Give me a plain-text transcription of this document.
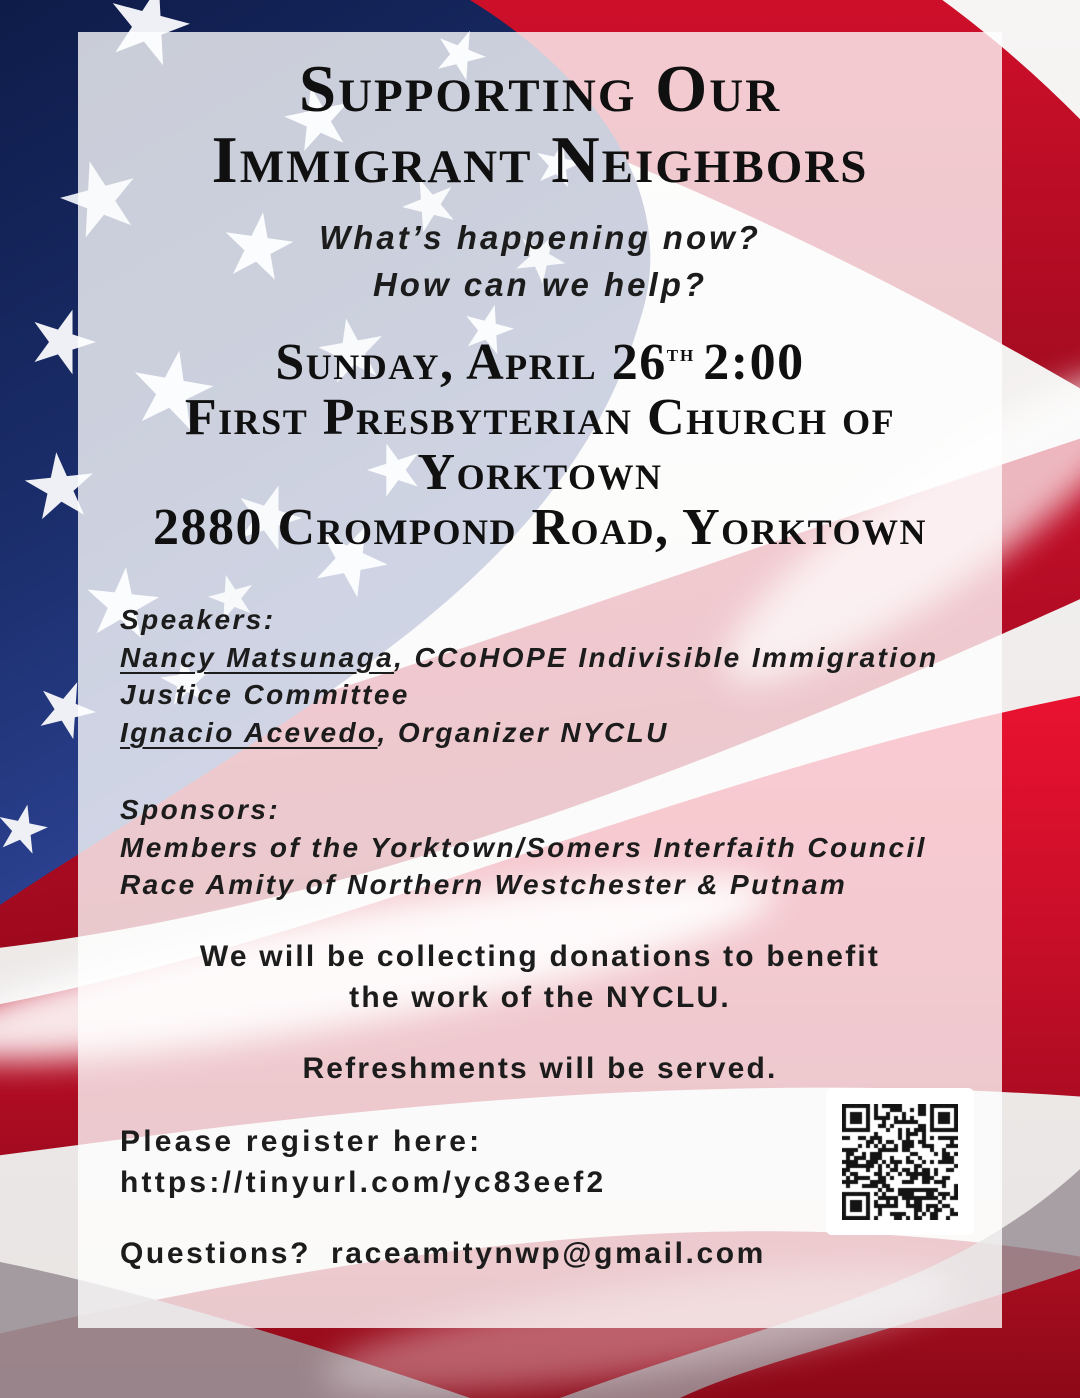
Supporting Our
Immigrant Neighbors
What’s happening now?
How can we help?
Sunday, April 26th 2:00
First Presbyterian Church of
Yorktown
2880 Crompond Road, Yorktown
Speakers:
Nancy Matsunaga, CCoHOPE Indivisible Immigration
Justice Committee
Ignacio Acevedo, Organizer NYCLU
Sponsors:
Members of the Yorktown/Somers Interfaith Council
Race Amity of Northern Westchester & Putnam
We will be collecting donations to benefit
the work of the NYCLU.
Refreshments will be served.
Please register here:
https://tinyurl.com/yc83eef2
Questions? raceamitynwp@gmail.com
